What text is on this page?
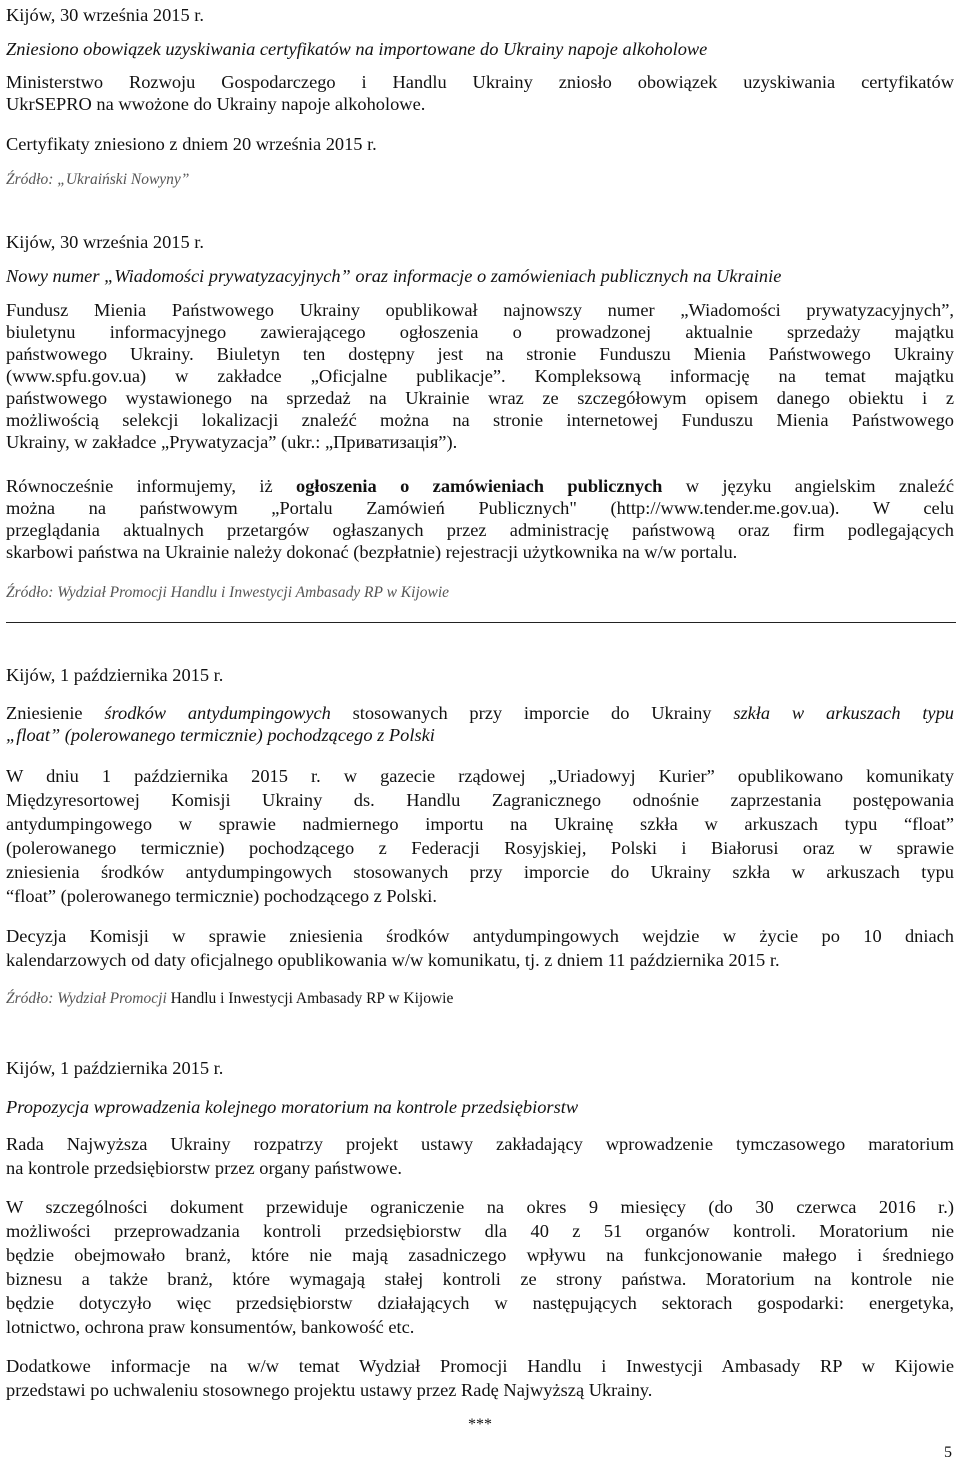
Kijów, 30 września 2015 r.
Zniesiono obowiązek uzyskiwania certyfikatów na importowane do Ukrainy napoje alkoholowe
Ministerstwo Rozwoju Gospodarczego i Handlu Ukrainy zniosło obowiązek uzyskiwania certyfikatów
UkrSEPRO na wwożone do Ukrainy napoje alkoholowe.
Certyfikaty zniesiono z dniem 20 września 2015 r.
Źródło: „Ukraiński Nowyny”
Kijów, 30 września 2015 r.
Nowy numer „Wiadomości prywatyzacyjnych” oraz informacje o zamówieniach publicznych na Ukrainie
Fundusz Mienia Państwowego Ukrainy opublikował najnowszy numer „Wiadomości prywatyzacyjnych”,
biuletynu informacyjnego zawierającego ogłoszenia o prowadzonej aktualnie sprzedaży majątku
państwowego Ukrainy. Biuletyn ten dostępny jest na stronie Funduszu Mienia Państwowego Ukrainy
(www.spfu.gov.ua) w zakładce „Oficjalne publikacje”. Kompleksową informację na temat majątku
państwowego wystawionego na sprzedaż na Ukrainie wraz ze szczegółowym opisem danego obiektu i z
możliwością selekcji lokalizacji znaleźć można na stronie internetowej Funduszu Mienia Państwowego
Ukrainy, w zakładce „Prywatyzacja” (ukr.: „Приватизація”).
Równocześnie informujemy, iż ogłoszenia o zamówieniach publicznych w języku angielskim znaleźć
można na państwowym „Portalu Zamówień Publicznych" (http://www.tender.me.gov.ua). W celu
przeglądania aktualnych przetargów ogłaszanych przez administrację państwową oraz firm podlegających
skarbowi państwa na Ukrainie należy dokonać (bezpłatnie) rejestracji użytkownika na w/w portalu.
Źródło: Wydział Promocji Handlu i Inwestycji Ambasady RP w Kijowie
Kijów, 1 października 2015 r.
Zniesienie środków antydumpingowych stosowanych przy imporcie do Ukrainy szkła w arkuszach typu
„float” (polerowanego termicznie) pochodzącego z Polski
W dniu 1 października 2015 r. w gazecie rządowej „Uriadowyj Kurier” opublikowano komunikaty
Międzyresortowej Komisji Ukrainy ds. Handlu Zagranicznego odnośnie zaprzestania postępowania
antydumpingowego w sprawie nadmiernego importu na Ukrainę szkła w arkuszach typu “float”
(polerowanego termicznie) pochodzącego z Federacji Rosyjskiej, Polski i Białorusi oraz w sprawie
zniesienia środków antydumpingowych stosowanych przy imporcie do Ukrainy szkła w arkuszach typu
“float” (polerowanego termicznie) pochodzącego z Polski.
Decyzja Komisji w sprawie zniesienia środków antydumpingowych wejdzie w życie po 10 dniach
kalendarzowych od daty oficjalnego opublikowania w/w komunikatu, tj. z dniem 11 października 2015 r.
Źródło: Wydział Promocji Handlu i Inwestycji Ambasady RP w Kijowie
Kijów, 1 października 2015 r.
Propozycja wprowadzenia kolejnego moratorium na kontrole przedsiębiorstw
Rada Najwyższa Ukrainy rozpatrzy projekt ustawy zakładający wprowadzenie tymczasowego maratorium
na kontrole przedsiębiorstw przez organy państwowe.
W szczególności dokument przewiduje ograniczenie na okres 9 miesięcy (do 30 czerwca 2016 r.)
możliwości przeprowadzania kontroli przedsiębiorstw dla 40 z 51 organów kontroli. Moratorium nie
będzie obejmowało branż, które nie mają zasadniczego wpływu na funkcjonowanie małego i średniego
biznesu a także branż, które wymagają stałej kontroli ze strony państwa. Moratorium na kontrole nie
będzie dotyczyło więc przedsiębiorstw działających w następujących sektorach gospodarki: energetyka,
lotnictwo, ochrona praw konsumentów, bankowość etc.
Dodatkowe informacje na w/w temat Wydział Promocji Handlu i Inwestycji Ambasady RP w Kijowie
przedstawi po uchwaleniu stosownego projektu ustawy przez Radę Najwyższą Ukrainy.
***
5
